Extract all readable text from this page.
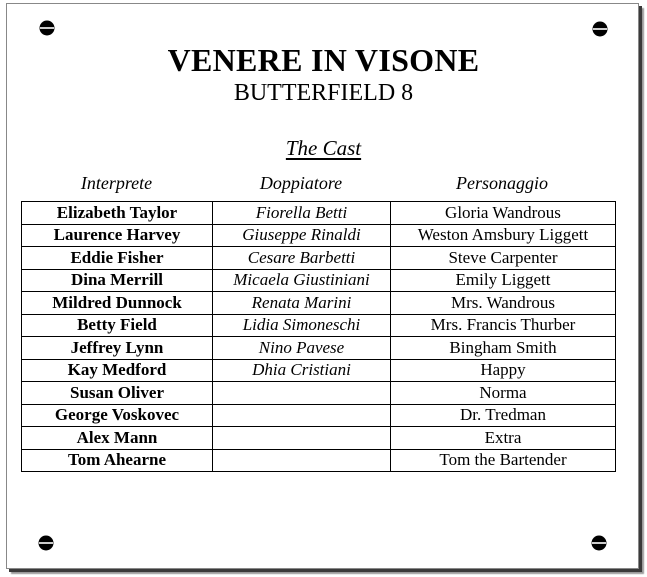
VENERE IN VISONE
BUTTERFIELD 8
The Cast
Interprete	Doppiatore	Personaggio
Elizabeth Taylor	Fiorella Betti	Gloria Wandrous
Laurence Harvey	Giuseppe Rinaldi	Weston Amsbury Liggett
Eddie Fisher	Cesare Barbetti	Steve Carpenter
Dina Merrill	Micaela Giustiniani	Emily Liggett
Mildred Dunnock	Renata Marini	Mrs. Wandrous
Betty Field	Lidia Simoneschi	Mrs. Francis Thurber
Jeffrey Lynn	Nino Pavese	Bingham Smith
Kay Medford	Dhia Cristiani	Happy
Susan Oliver		Norma
George Voskovec		Dr. Tredman
Alex Mann		Extra
Tom Ahearne		Tom the Bartender
